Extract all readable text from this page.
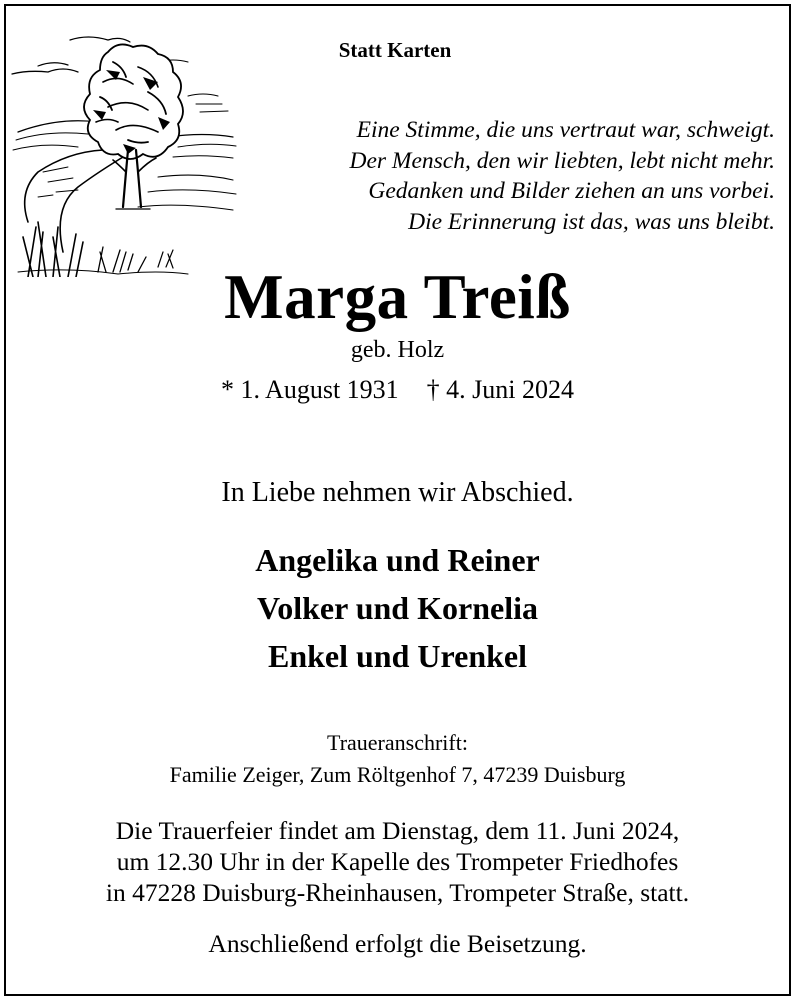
Statt Karten
Eine Stimme, die uns vertraut war, schweigt.
Der Mensch, den wir liebten, lebt nicht mehr.
Gedanken und Bilder ziehen an uns vorbei.
Die Erinnerung ist das, was uns bleibt.
Marga Treiß
geb. Holz
* 1. August 1931 † 4. Juni 2024
In Liebe nehmen wir Abschied.
Angelika und Reiner
Volker und Kornelia
Enkel und Urenkel
Traueranschrift:
Familie Zeiger, Zum Röltgenhof 7, 47239 Duisburg
Die Trauerfeier findet am Dienstag, dem 11. Juni 2024,
um 12.30 Uhr in der Kapelle des Trompeter Friedhofes
in 47228 Duisburg-Rheinhausen, Trompeter Straße, statt.
Anschließend erfolgt die Beisetzung.
